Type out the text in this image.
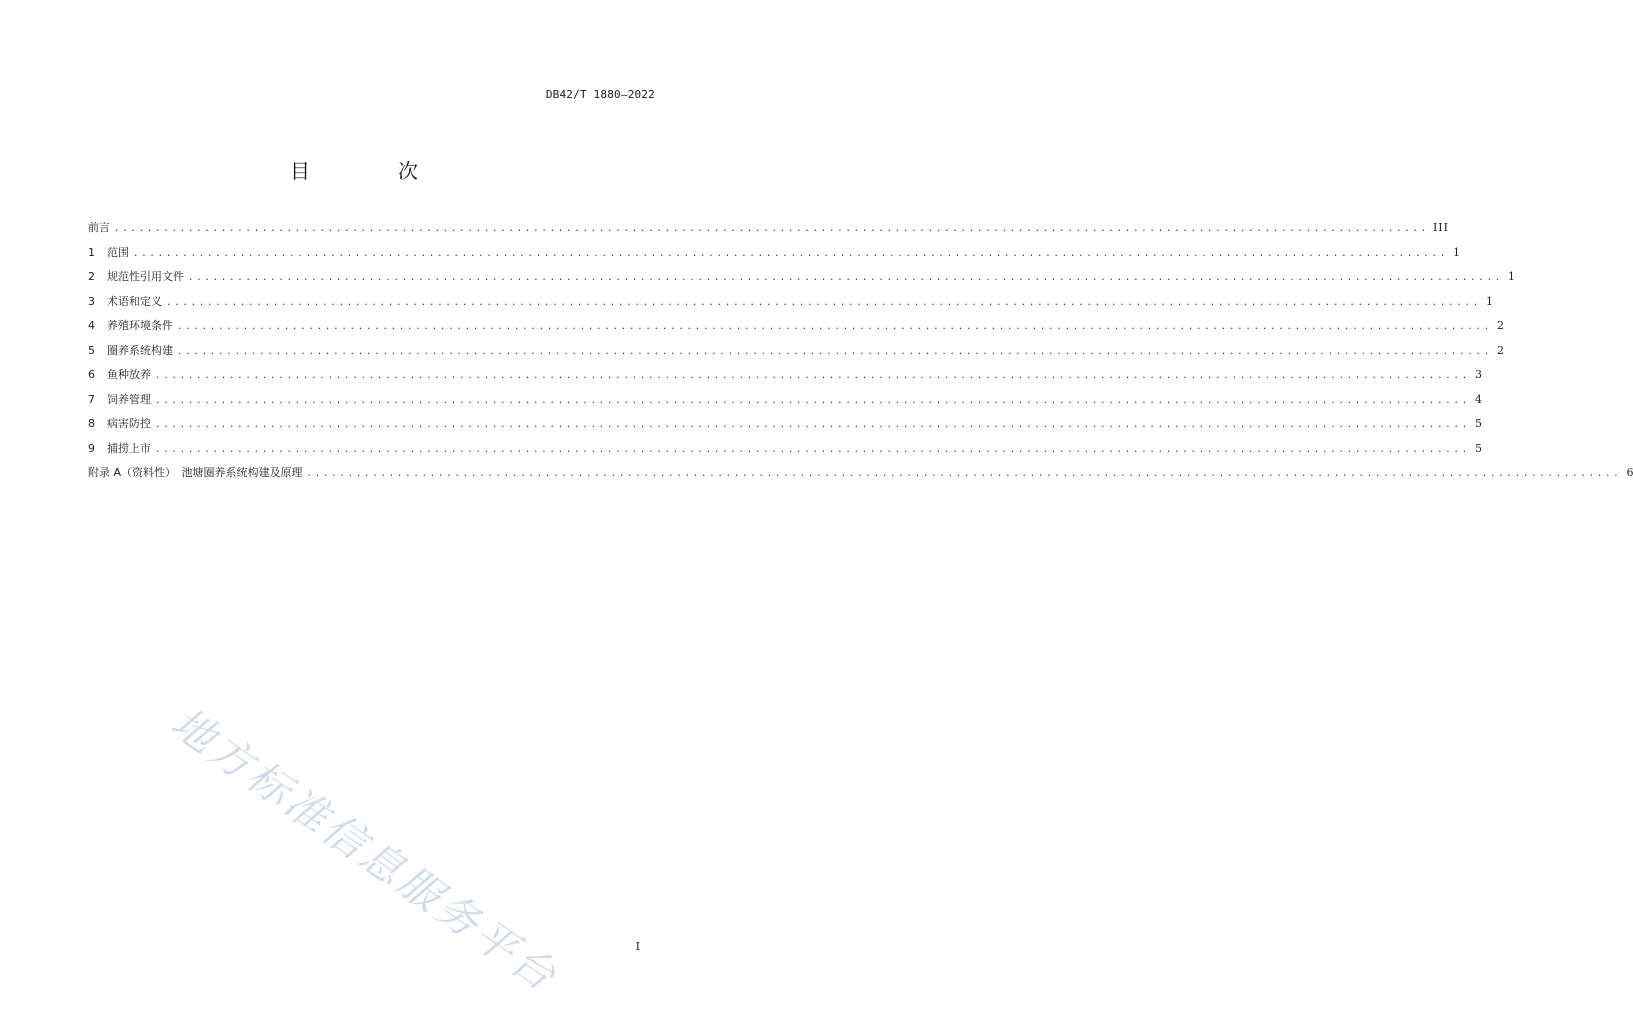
DB42/T 1880—2022
目　次
前言 ................................................................................................................................................................ III
1	范围 ................................................................................................................................................................ 1
2	规范性引用文件 ................................................................................................................................................................ 1
3	术语和定义 ................................................................................................................................................................ 1
4	养殖环境条件 ................................................................................................................................................................ 2
5	圈养系统构建 ................................................................................................................................................................ 2
6	鱼种放养 ................................................................................................................................................................ 3
7	饲养管理 ................................................................................................................................................................ 4
8	病害防控 ................................................................................................................................................................ 5
9	捕捞上市 ................................................................................................................................................................ 5
附录 A（资料性）　池塘圈养系统构建及原理 ................................................................................................................................................................ 6
地方标准信息服务平台	I
